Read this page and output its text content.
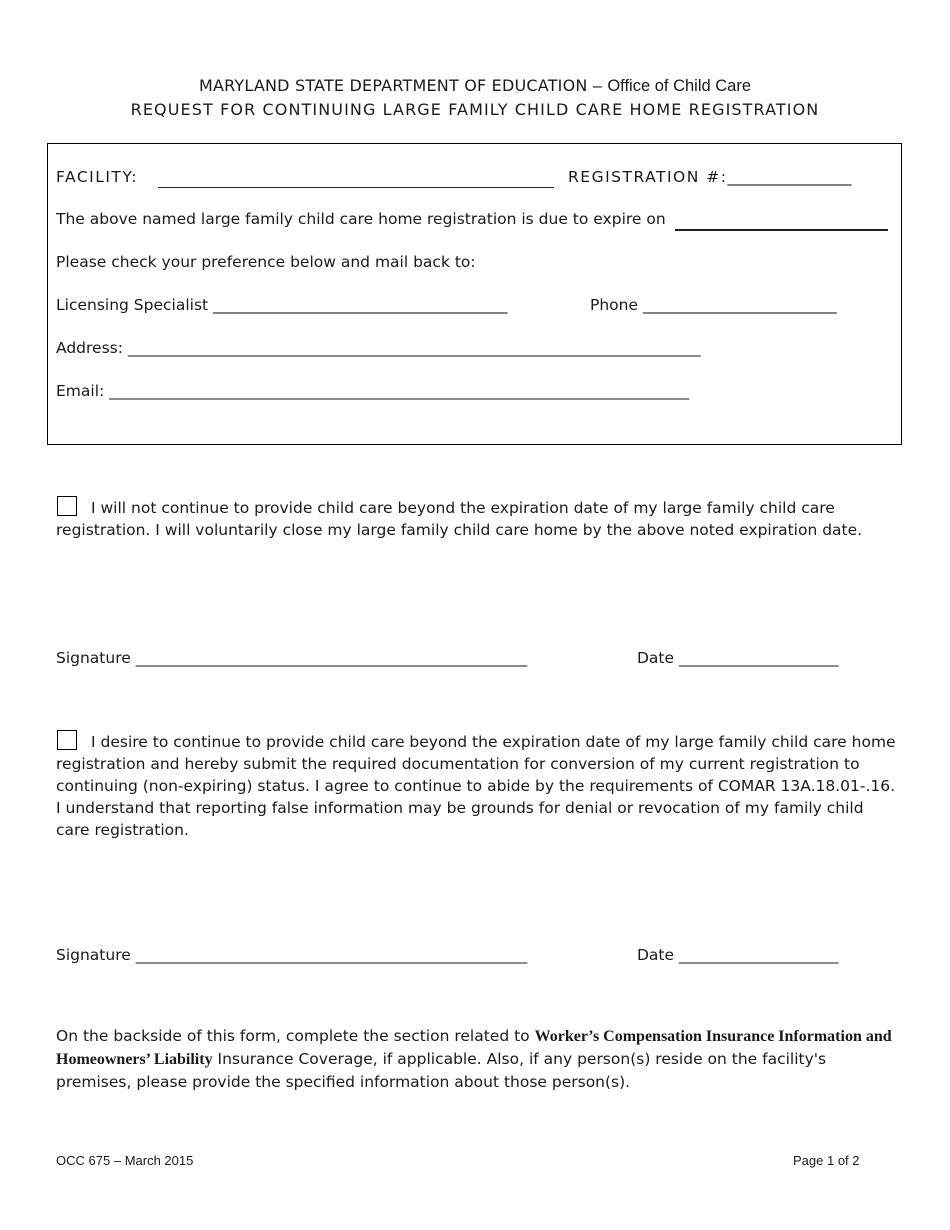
MARYLAND STATE DEPARTMENT OF EDUCATION – Office of Child Care
REQUEST FOR CONTINUING LARGE FAMILY CHILD CARE HOME REGISTRATION
FACILITY:	REGISTRATION #:________________
The above named large family child care home registration is due to expire on
Please check your preference below and mail back to:
Licensing Specialist ______________________________________	Phone _________________________
Address: _______________________________________________________________________________
Email: ________________________________________________________________________________
I will not continue to provide child care beyond the expiration date of my large family child care registration. I will voluntarily close my large family child care home by the above noted expiration date.
Signature ______________________________________________________	Date ______________________
I desire to continue to provide child care beyond the expiration date of my large family child care home registration and hereby submit the required documentation for conversion of my current registration to continuing (non-expiring) status. I agree to continue to abide by the requirements of COMAR 13A.18.01-.16. I understand that reporting false information may be grounds for denial or revocation of my family child care registration.
Signature ______________________________________________________	Date ______________________
On the backside of this form, complete the section related to Worker’s Compensation Insurance Information and Homeowners’ Liability Insurance Coverage, if applicable. Also, if any person(s) reside on the facility's premises, please provide the specified information about those person(s).
OCC 675 – March 2015	Page 1 of 2
